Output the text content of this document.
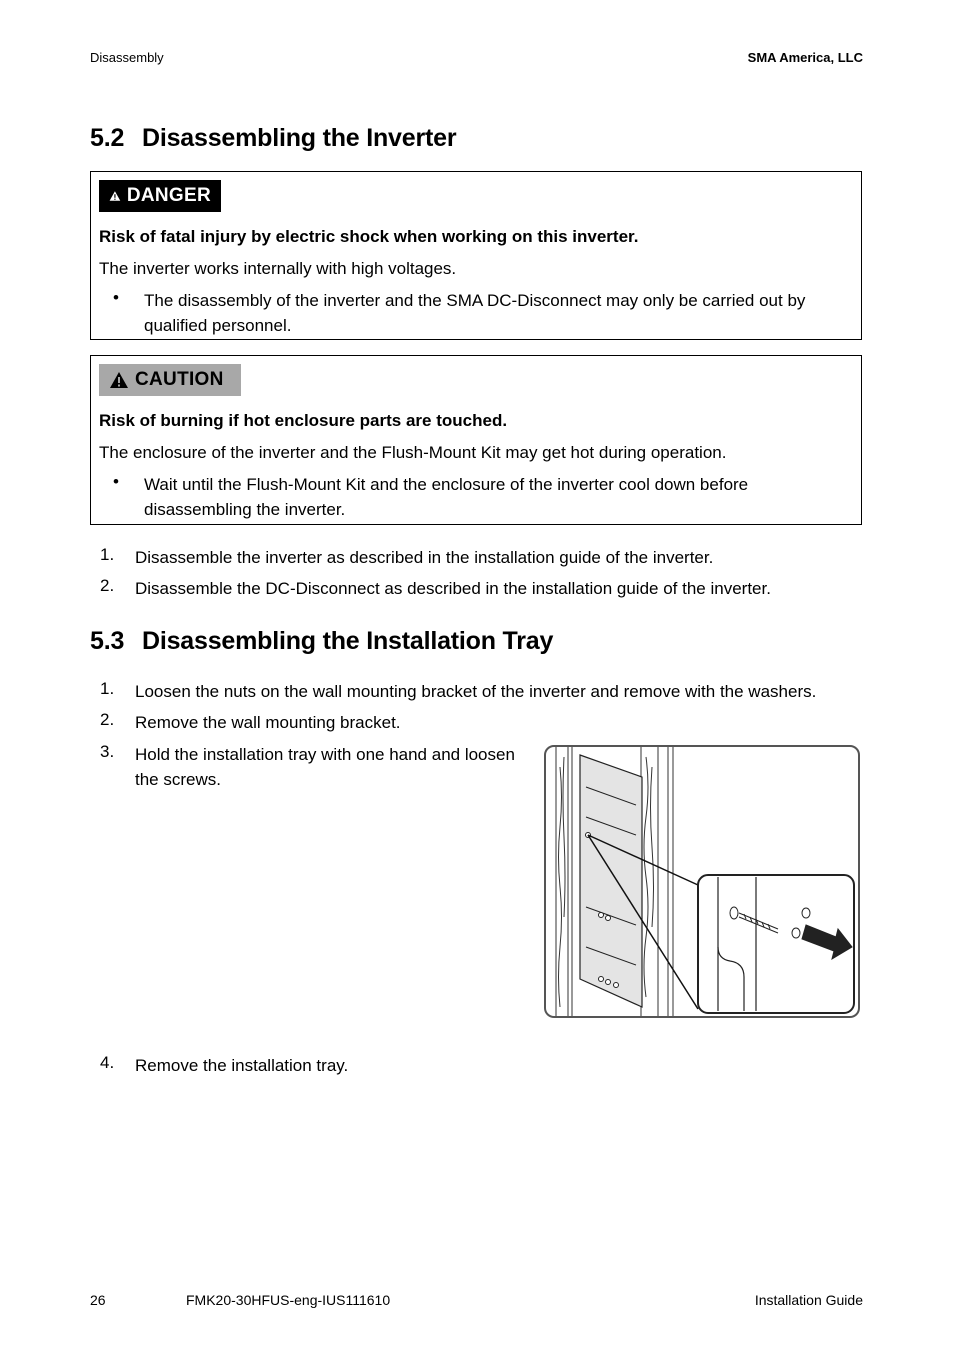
Disassembly	SMA America, LLC
5.2 Disassembling the Inverter
DANGER
Risk of fatal injury by electric shock when working on this inverter.
The inverter works internally with high voltages.
• The disassembly of the inverter and the SMA DC-Disconnect may only be carried out by qualified personnel.
CAUTION
Risk of burning if hot enclosure parts are touched.
The enclosure of the inverter and the Flush-Mount Kit may get hot during operation.
• Wait until the Flush-Mount Kit and the enclosure of the inverter cool down before disassembling the inverter.
1. Disassemble the inverter as described in the installation guide of the inverter.
2. Disassemble the DC-Disconnect as described in the installation guide of the inverter.
5.3 Disassembling the Installation Tray
1. Loosen the nuts on the wall mounting bracket of the inverter and remove with the washers.
2. Remove the wall mounting bracket.
3. Hold the installation tray with one hand and loosen the screws.
4. Remove the installation tray.
26	FMK20-30HFUS-eng-IUS111610	Installation Guide
